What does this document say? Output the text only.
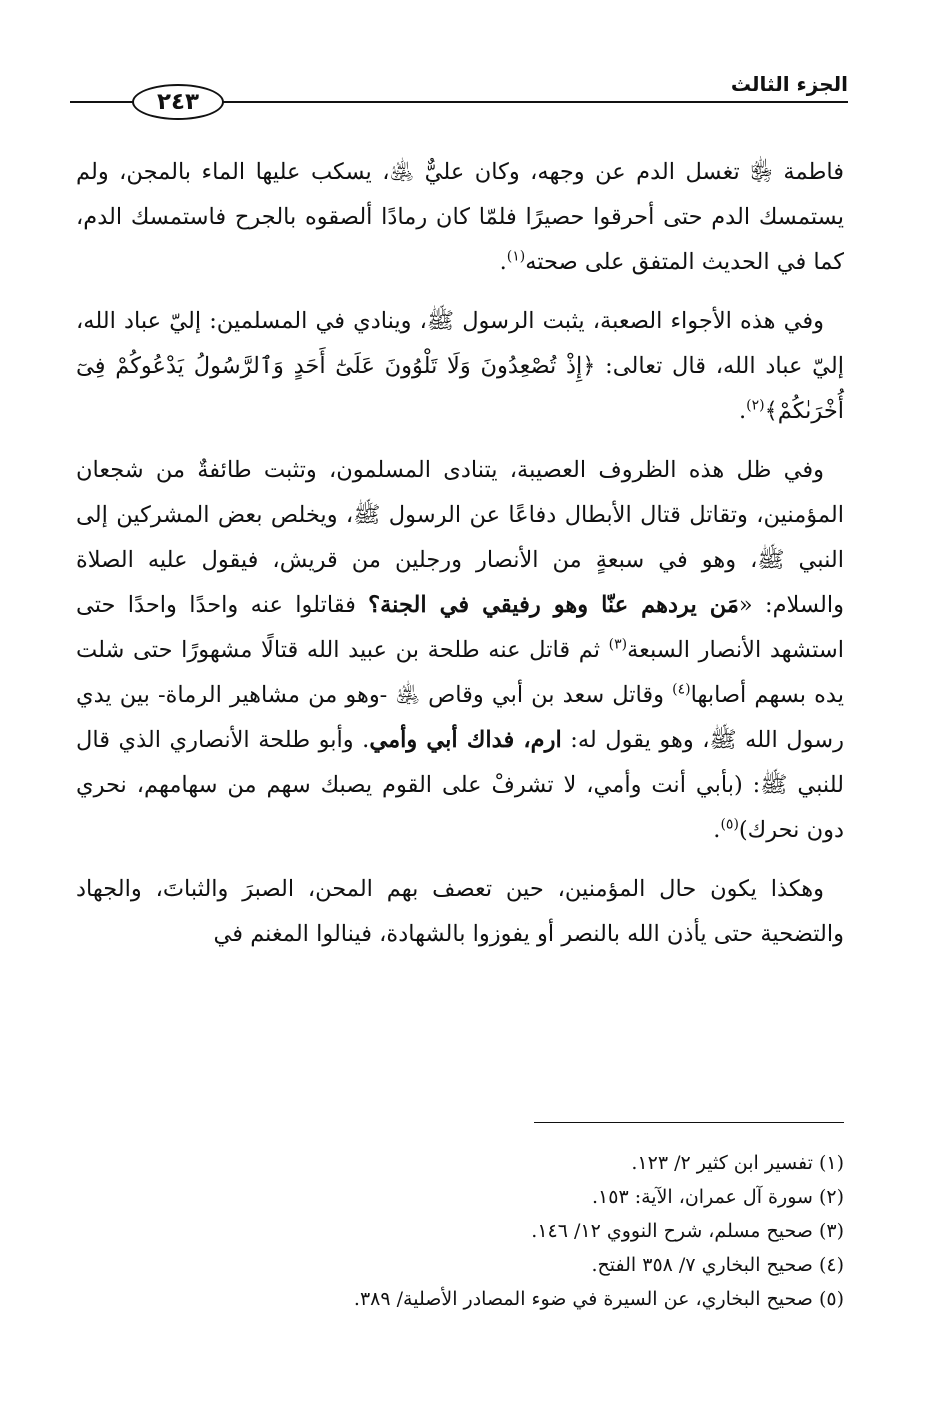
الجزء الثالث
٢٤٣

فاطمة ﵂ تغسل الدم عن وجهه، وكان عليٌّ ﵁، يسكب عليها الماء بالمجن، ولم يستمسك الدم حتى أحرقوا حصيرًا فلمّا كان رمادًا ألصقوه بالجرح فاستمسك الدم، كما في الحديث المتفق على صحته$^{(١)}$.

وفي هذه الأجواء الصعبة، يثبت الرسول ﷺ، وينادي في المسلمين: إليّ عباد الله، إليّ عباد الله، قال تعالى: ﴿إِذْ تُصْعِدُونَ وَلَا تَلْوُونَ عَلَىٰٓ أَحَدٍ وَٱلرَّسُولُ يَدْعُوكُمْ فِىٓ أُخْرَىٰكُمْ﴾$^{(٢)}$.

وفي ظل هذه الظروف العصيبة، يتنادى المسلمون، وتثبت طائفةٌ من شجعان المؤمنين، وتقاتل قتال الأبطال دفاعًا عن الرسول ﷺ، ويخلص بعض المشركين إلى النبي ﷺ، وهو في سبعةٍ من الأنصار ورجلين من قريش، فيقول عليه الصلاة والسلام: «مَن يردهم عنّا وهو رفيقي في الجنة؟ فقاتلوا عنه واحدًا واحدًا حتى استشهد الأنصار السبعة$^{(٣)}$ ثم قاتل عنه طلحة بن عبيد الله قتالًا مشهورًا حتى شلت يده بسهم أصابها$^{(٤)}$ وقاتل سعد بن أبي وقاص ﵁ -وهو من مشاهير الرماة- بين يدي رسول الله ﷺ، وهو يقول له: ارم، فداك أبي وأمي. وأبو طلحة الأنصاري الذي قال للنبي ﷺ: (بأبي أنت وأمي، لا تشرفْ على القوم يصبك سهم من سهامهم، نحري دون نحرك)$^{(٥)}$.

وهكذا يكون حال المؤمنين، حين تعصف بهم المحن، الصبرَ والثباتَ، والجهاد والتضحية حتى يأذن الله بالنصر أو يفوزوا بالشهادة، فينالوا المغنم في

(١)تفسير ابن كثير ٢/ ١٢٣.
(٢)سورة آل عمران، الآية: ١٥٣.
(٣)صحيح مسلم، شرح النووي ١٢/ ١٤٦.
(٤)صحيح البخاري ٧/ ٣٥٨ الفتح.
(٥)صحيح البخاري، عن السيرة في ضوء المصادر الأصلية/ ٣٨٩.
